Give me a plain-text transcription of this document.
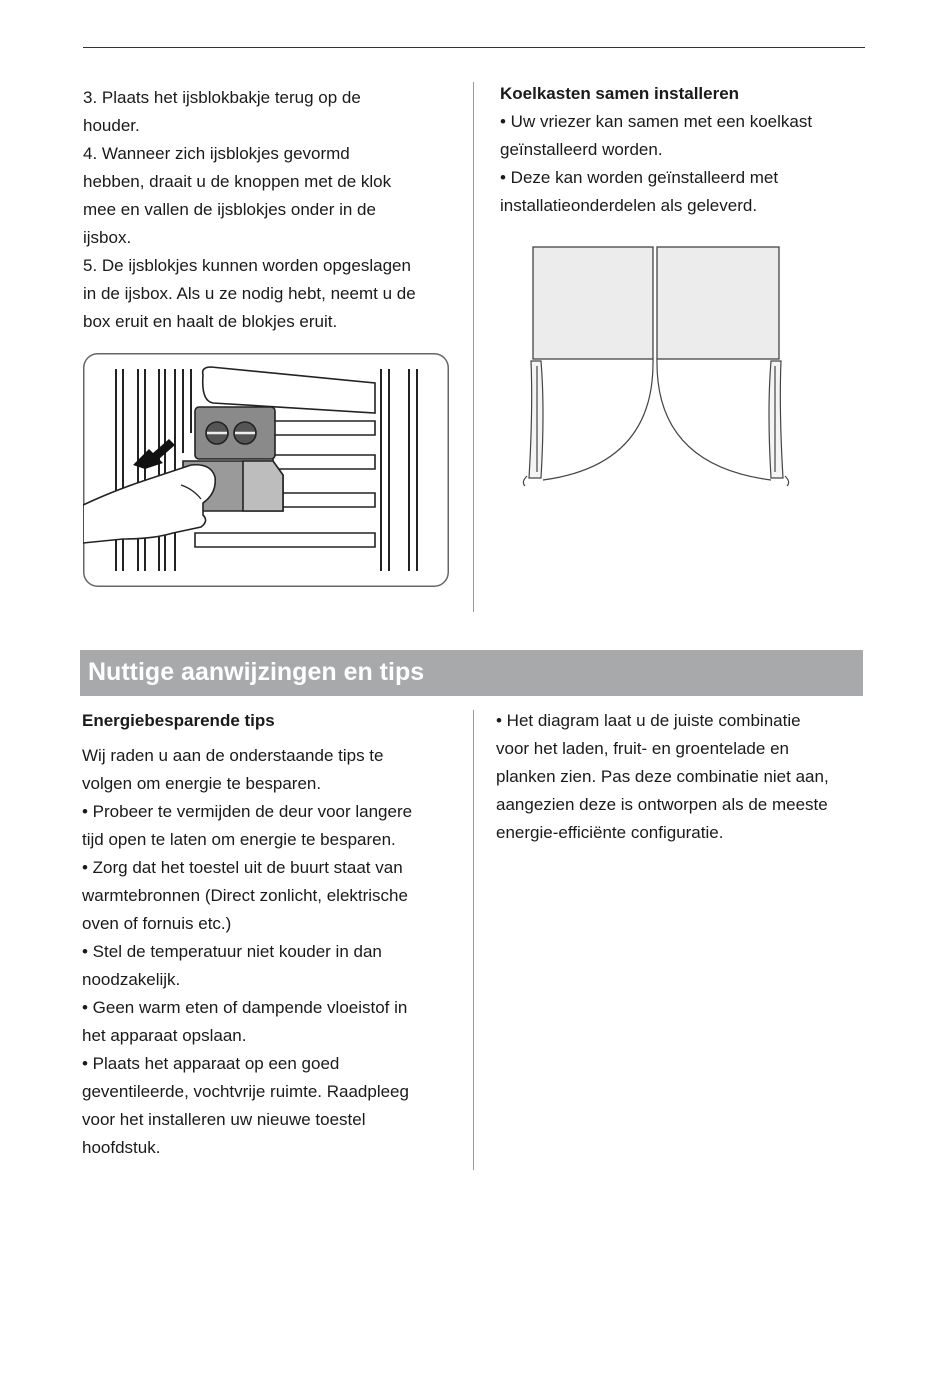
3. Plaats het ijsblokbakje terug op de
houder.
4. Wanneer zich ijsblokjes gevormd
hebben, draait u de knoppen met de klok
mee en vallen de ijsblokjes onder in de
ijsbox.
5. De ijsblokjes kunnen worden opgeslagen
in de ijsbox. Als u ze nodig hebt, neemt u de
box eruit en haalt de blokjes eruit.
Koelkasten samen installeren
• Uw vriezer kan samen met een koelkast
geïnstalleerd worden.
• Deze kan worden geïnstalleerd met
installatieonderdelen als geleverd.
Nuttige aanwijzingen en tips
Energiebesparende tips
Wij raden u aan de onderstaande tips te
volgen om energie te besparen.
• Probeer te vermijden de deur voor langere
tijd open te laten om energie te besparen.
• Zorg dat het toestel uit de buurt staat van
warmtebronnen (Direct zonlicht, elektrische
oven of fornuis etc.)
• Stel de temperatuur niet kouder in dan
noodzakelijk.
• Geen warm eten of dampende vloeistof in
het apparaat opslaan.
• Plaats het apparaat op een goed
geventileerde, vochtvrije ruimte. Raadpleeg
voor het installeren uw nieuwe toestel
hoofdstuk.
• Het diagram laat u de juiste combinatie
voor het laden, fruit- en groentelade en
planken zien. Pas deze combinatie niet aan,
aangezien deze is ontworpen als de meeste
energie-efficiënte configuratie.
